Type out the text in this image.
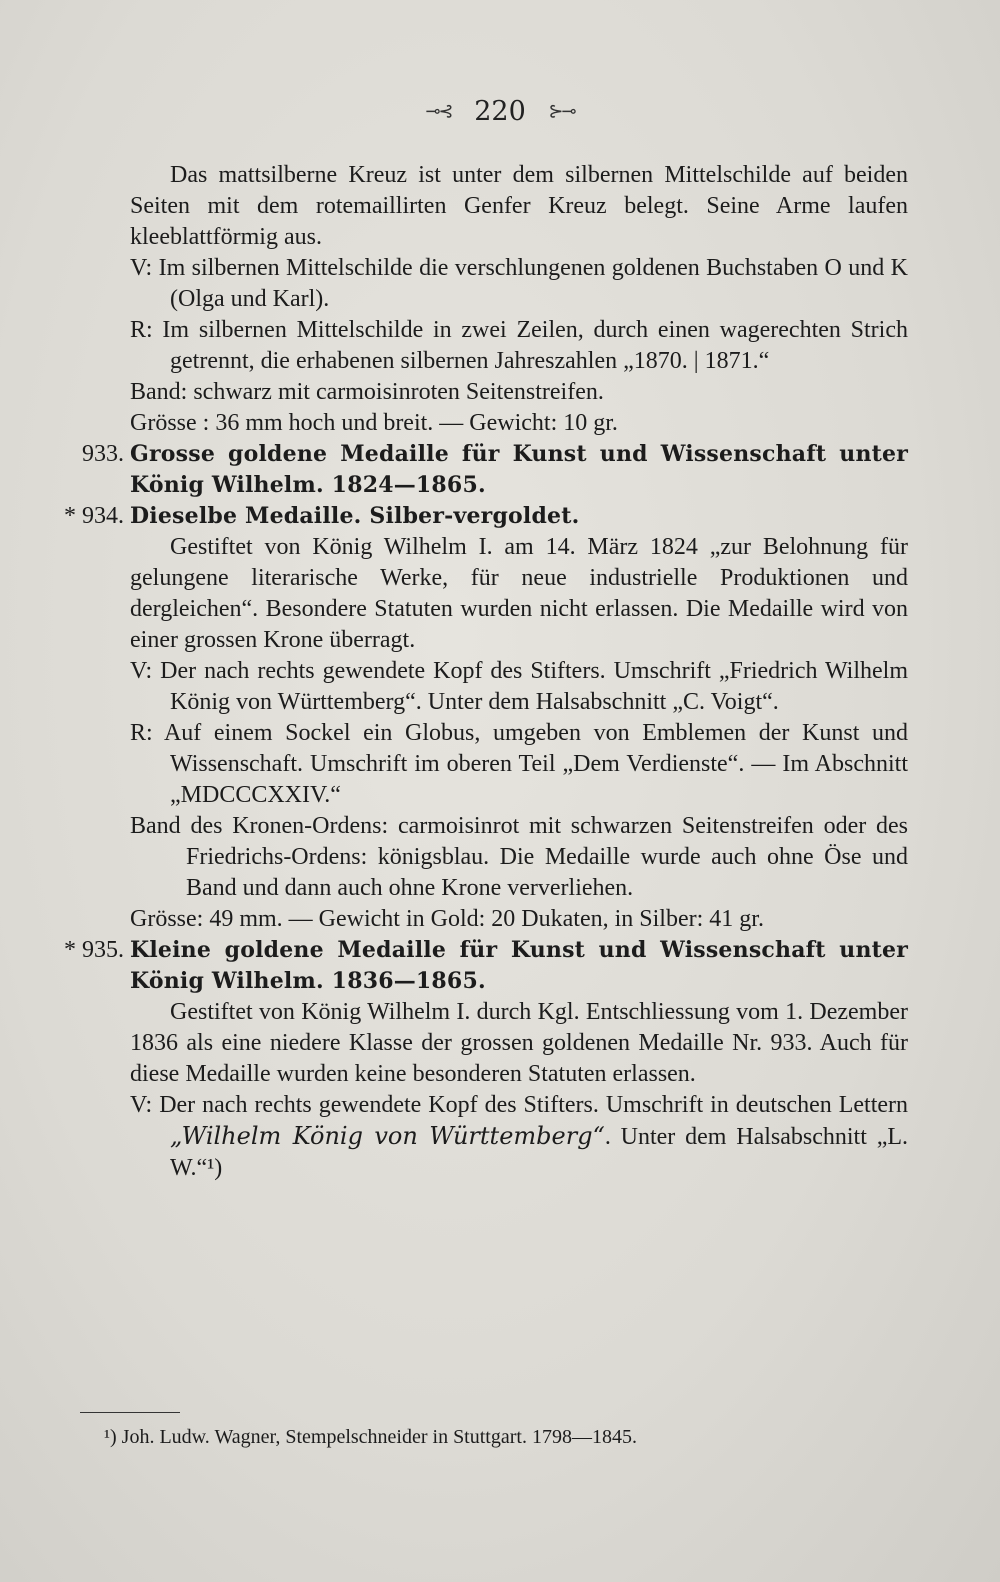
⊸⊰ 220 ⊱⊸

Das mattsilberne Kreuz ist unter dem silbernen Mittelschilde auf beiden Seiten mit dem rotemaillirten Genfer Kreuz belegt. Seine Arme laufen kleeblattförmig aus.

V: Im silbernen Mittelschilde die verschlungenen goldenen Buchstaben O und K (Olga und Karl).

R: Im silbernen Mittelschilde in zwei Zeilen, durch einen wagerechten Strich getrennt, die erhabenen silbernen Jahreszahlen „1870. | 1871.“

Band: schwarz mit carmoisinroten Seitenstreifen.

Grösse : 36 mm hoch und breit. — Gewicht: 10 gr.

933. Grosse goldene Medaille für Kunst und Wissenschaft unter König Wilhelm. 1824—1865.
* 934. Dieselbe Medaille. Silber-vergoldet.

Gestiftet von König Wilhelm I. am 14. März 1824 „zur Belohnung für gelungene literarische Werke, für neue industrielle Produktionen und dergleichen“. Besondere Statuten wurden nicht erlassen. Die Medaille wird von einer grossen Krone überragt.

V: Der nach rechts gewendete Kopf des Stifters. Umschrift „Friedrich Wilhelm König von Württemberg“. Unter dem Halsabschnitt „C. Voigt“.

R: Auf einem Sockel ein Globus, umgeben von Emblemen der Kunst und Wissenschaft. Umschrift im oberen Teil „Dem Verdienste“. — Im Abschnitt „MDCCCXXIV.“

Band des Kronen-Ordens: carmoisinrot mit schwarzen Seitenstreifen oder des Friedrichs-Ordens: königsblau. Die Medaille wurde auch ohne Öse und Band und dann auch ohne Krone ververliehen.

Grösse: 49 mm. — Gewicht in Gold: 20 Dukaten, in Silber: 41 gr.

* 935. Kleine goldene Medaille für Kunst und Wissenschaft unter König Wilhelm. 1836—1865.

Gestiftet von König Wilhelm I. durch Kgl. Entschliessung vom 1. Dezember 1836 als eine niedere Klasse der grossen goldenen Medaille Nr. 933. Auch für diese Medaille wurden keine besonderen Statuten erlassen.

V: Der nach rechts gewendete Kopf des Stifters. Umschrift in deutschen Lettern „Wilhelm König von Württemberg“. Unter dem Halsabschnitt „L. W.“¹)

¹) Joh. Ludw. Wagner, Stempelschneider in Stuttgart. 1798—1845.
